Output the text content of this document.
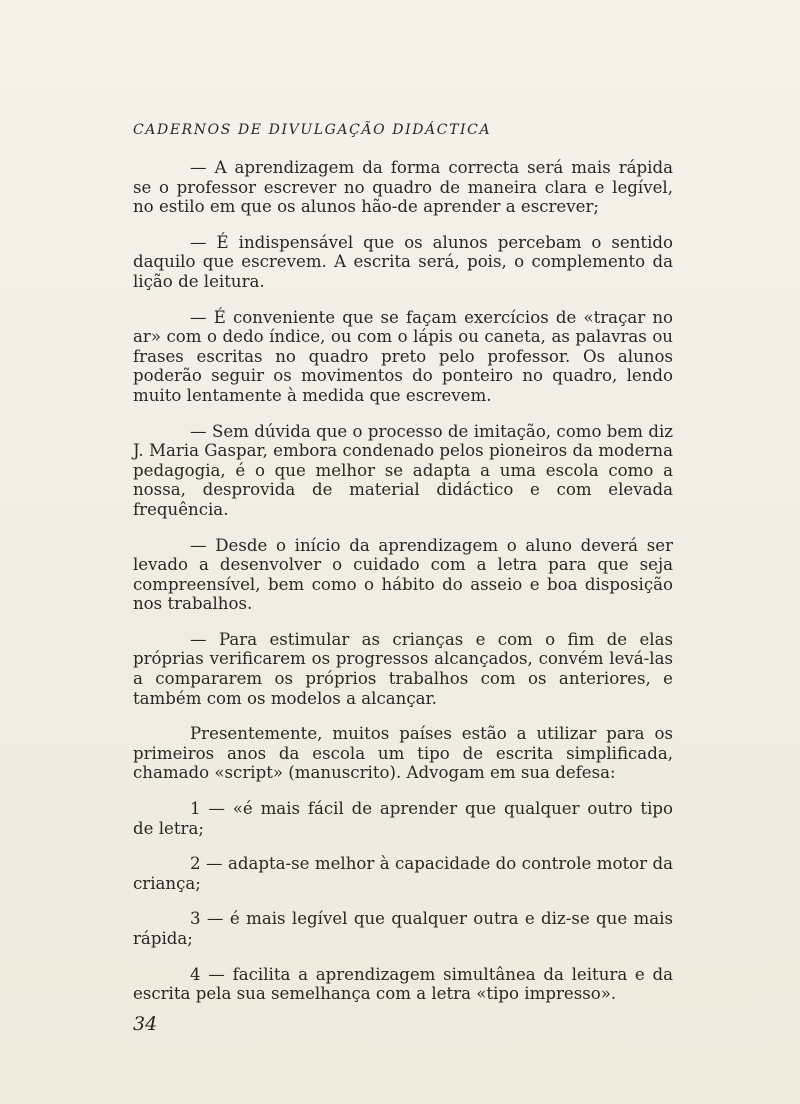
CADERNOS DE DIVULGAÇÃO DIDÁCTICA

— A aprendizagem da forma correcta será mais rápida se o professor escrever no quadro de maneira clara e legível, no estilo em que os alunos hão-de aprender a escrever;

— É indispensável que os alunos percebam o sentido daquilo que escrevem. A escrita será, pois, o complemento da lição de leitura.

— É conveniente que se façam exercícios de «traçar no ar» com o dedo índice, ou com o lápis ou caneta, as palavras ou frases escritas no quadro preto pelo professor. Os alunos poderão seguir os movimentos do ponteiro no quadro, lendo muito lentamente à medida que escrevem.

— Sem dúvida que o processo de imitação, como bem diz J. Maria Gaspar, embora condenado pelos pioneiros da moderna pedagogia, é o que melhor se adapta a uma escola como a nossa, desprovida de material didáctico e com elevada frequência.

— Desde o início da aprendizagem o aluno deverá ser levado a desenvolver o cuidado com a letra para que seja compreensível, bem como o hábito do asseio e boa disposição nos trabalhos.

— Para estimular as crianças e com o fim de elas próprias verificarem os progressos alcançados, convém levá-las a compararem os próprios trabalhos com os anteriores, e também com os modelos a alcançar.

Presentemente, muitos países estão a utilizar para os primeiros anos da escola um tipo de escrita simplificada, chamado «script» (manuscrito). Advogam em sua defesa:

1 — «é mais fácil de aprender que qualquer outro tipo de letra;

2 — adapta-se melhor à capacidade do controle motor da criança;

3 — é mais legível que qualquer outra e diz-se que mais rápida;

4 — facilita a aprendizagem simultânea da leitura e da escrita pela sua semelhança com a letra «tipo impresso».

34
